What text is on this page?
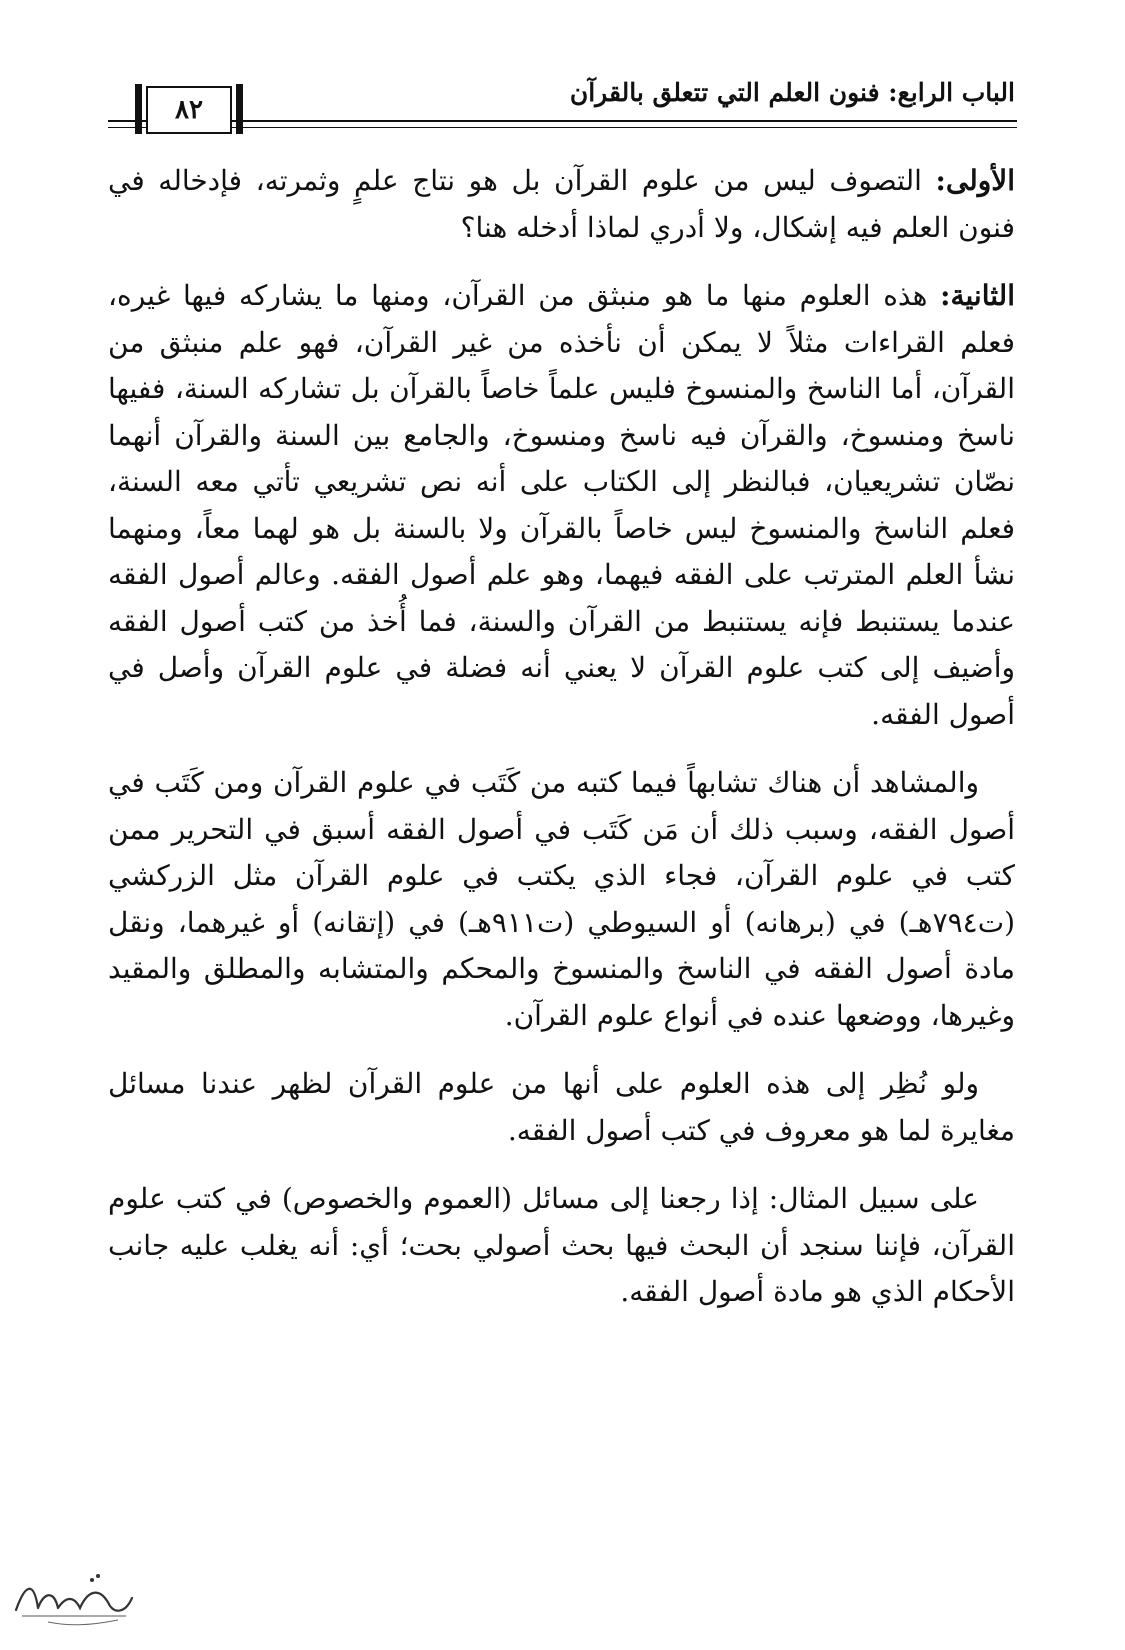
الباب الرابع: فنون العلم التي تتعلق بالقرآن
٨٢

الأولى: التصوف ليس من علوم القرآن بل هو نتاج علمٍ وثمرته، فإدخاله في فنون العلم فيه إشكال، ولا أدري لماذا أدخله هنا؟

الثانية: هذه العلوم منها ما هو منبثق من القرآن، ومنها ما يشاركه فيها غيره، فعلم القراءات مثلاً لا يمكن أن نأخذه من غير القرآن، فهو علم منبثق من القرآن، أما الناسخ والمنسوخ فليس علماً خاصاً بالقرآن بل تشاركه السنة، ففيها ناسخ ومنسوخ، والقرآن فيه ناسخ ومنسوخ، والجامع بين السنة والقرآن أنهما نصّان تشريعيان، فبالنظر إلى الكتاب على أنه نص تشريعي تأتي معه السنة، فعلم الناسخ والمنسوخ ليس خاصاً بالقرآن ولا بالسنة بل هو لهما معاً، ومنهما نشأ العلم المترتب على الفقه فيهما، وهو علم أصول الفقه. وعالم أصول الفقه عندما يستنبط فإنه يستنبط من القرآن والسنة، فما أُخذ من كتب أصول الفقه وأضيف إلى كتب علوم القرآن لا يعني أنه فضلة في علوم القرآن وأصل في أصول الفقه.

والمشاهد أن هناك تشابهاً فيما كتبه من كَتَب في علوم القرآن ومن كَتَب في أصول الفقه، وسبب ذلك أن مَن كَتَب في أصول الفقه أسبق في التحرير ممن كتب في علوم القرآن، فجاء الذي يكتب في علوم القرآن مثل الزركشي (ت٧٩٤هـ) في (برهانه) أو السيوطي (ت٩١١هـ) في (إتقانه) أو غيرهما، ونقل مادة أصول الفقه في الناسخ والمنسوخ والمحكم والمتشابه والمطلق والمقيد وغيرها، ووضعها عنده في أنواع علوم القرآن.

ولو نُظِر إلى هذه العلوم على أنها من علوم القرآن لظهر عندنا مسائل مغايرة لما هو معروف في كتب أصول الفقه.

على سبيل المثال: إذا رجعنا إلى مسائل (العموم والخصوص) في كتب علوم القرآن، فإننا سنجد أن البحث فيها بحث أصولي بحت؛ أي: أنه يغلب عليه جانب الأحكام الذي هو مادة أصول الفقه.
